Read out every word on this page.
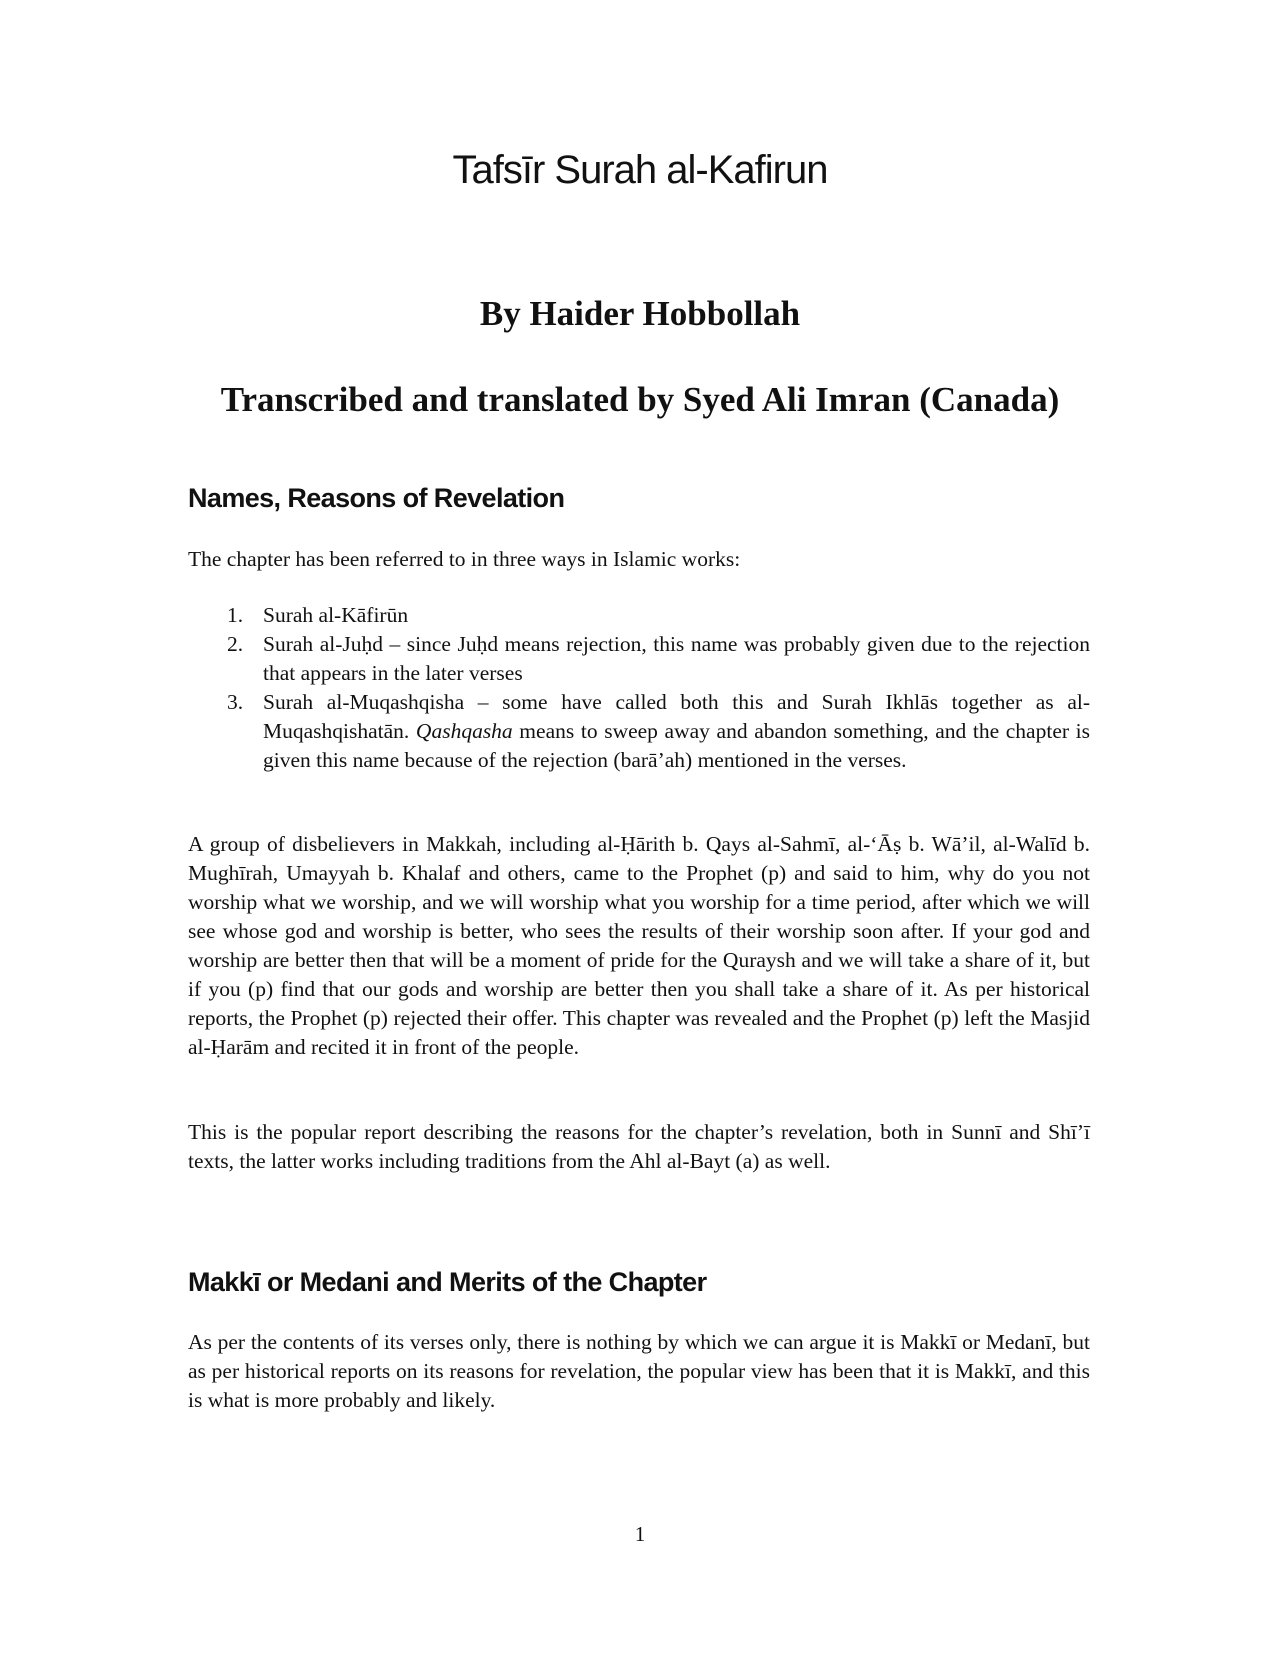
Tafsīr Surah al-Kafirun
By Haider Hobbollah
Transcribed and translated by Syed Ali Imran (Canada)
Names, Reasons of Revelation

The chapter has been referred to in three ways in Islamic works:

1. Surah al-Kāfirūn
2. Surah al-Juḥd – since Juḥd means rejection, this name was probably given due to the rejection that appears in the later verses
3. Surah al-Muqashqisha – some have called both this and Surah Ikhlās together as al-Muqashqishatān. Qashqasha means to sweep away and abandon something, and the chapter is given this name because of the rejection (barā’ah) mentioned in the verses.

A group of disbelievers in Makkah, including al-Ḥārith b. Qays al-Sahmī, al-‘Āṣ b. Wā’il, al-Walīd b. Mughīrah, Umayyah b. Khalaf and others, came to the Prophet (p) and said to him, why do you not worship what we worship, and we will worship what you worship for a time period, after which we will see whose god and worship is better, who sees the results of their worship soon after. If your god and worship are better then that will be a moment of pride for the Quraysh and we will take a share of it, but if you (p) find that our gods and worship are better then you shall take a share of it. As per historical reports, the Prophet (p) rejected their offer. This chapter was revealed and the Prophet (p) left the Masjid al-Ḥarām and recited it in front of the people.

This is the popular report describing the reasons for the chapter’s revelation, both in Sunnī and Shī’ī texts, the latter works including traditions from the Ahl al-Bayt (a) as well.

Makkī or Medani and Merits of the Chapter

As per the contents of its verses only, there is nothing by which we can argue it is Makkī or Medanī, but as per historical reports on its reasons for revelation, the popular view has been that it is Makkī, and this is what is more probably and likely.

1
